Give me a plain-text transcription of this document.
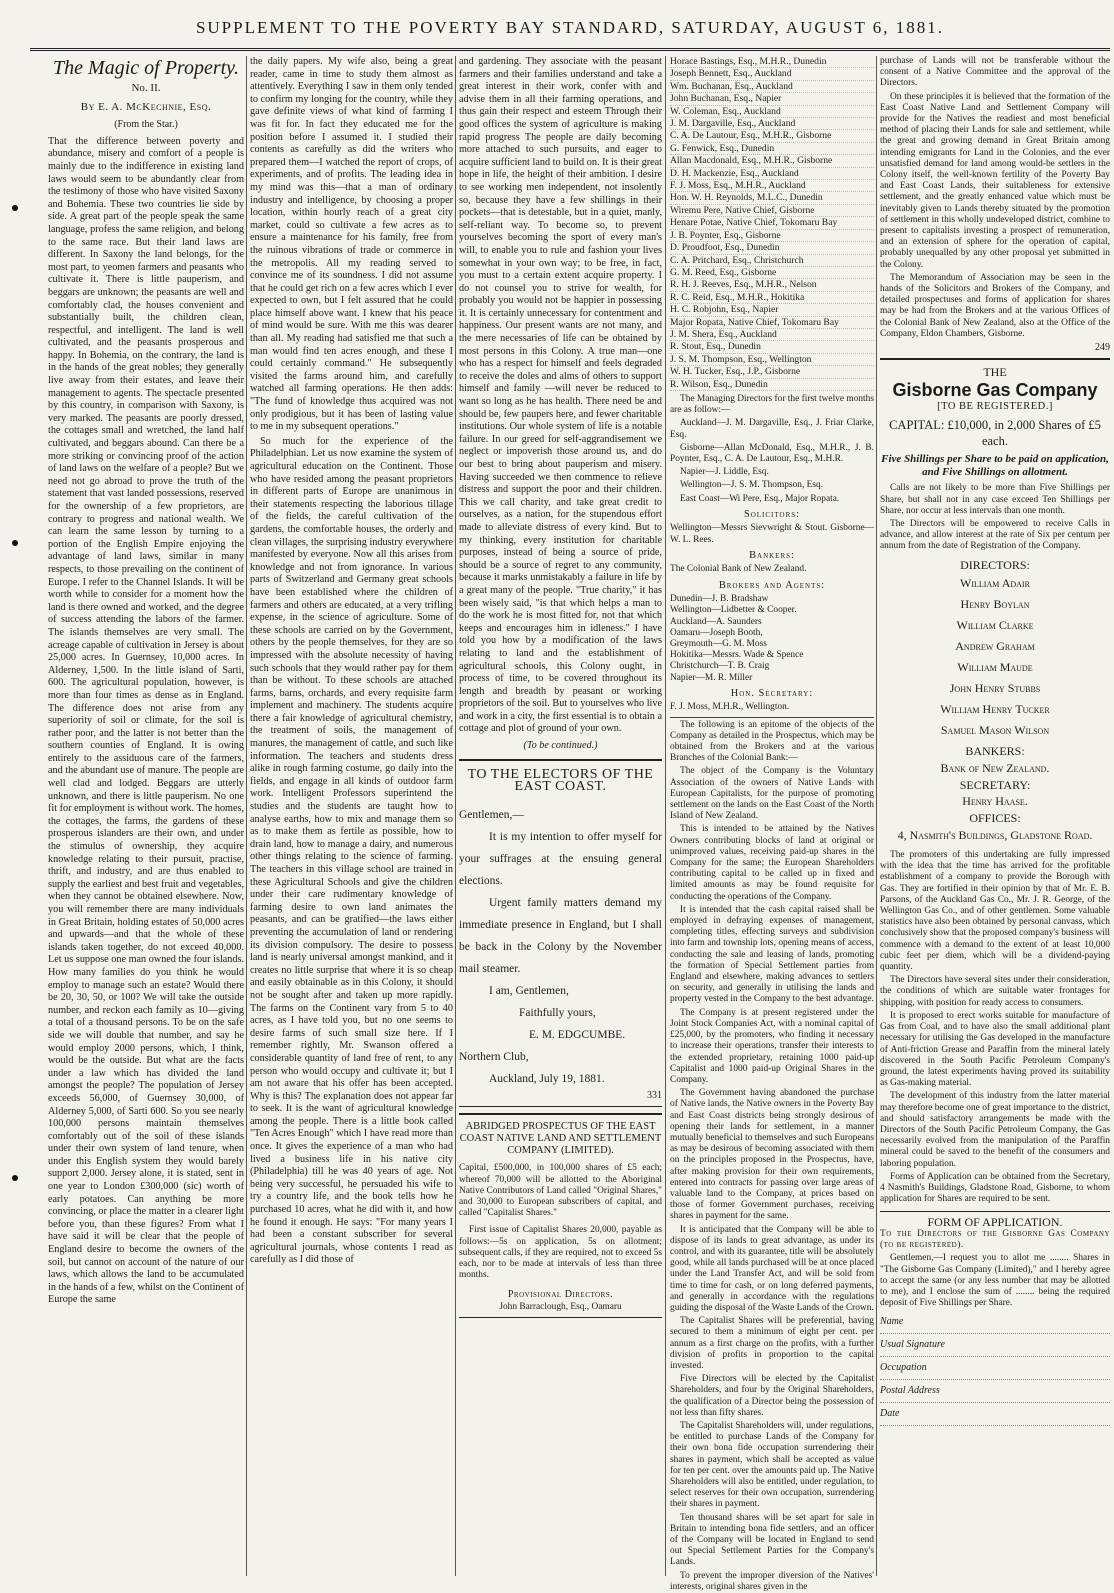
SUPPLEMENT TO THE POVERTY BAY STANDARD, SATURDAY, AUGUST 6, 1881.
The Magic of Property.
No. II.
By E. A. McKechnie, Esq.
(From the Star.)

That the difference between poverty and abundance, misery and comfort of a people is mainly due to the indifference in existing land laws would seem to be abundantly clear from the testimony of those who have visited Saxony and Bohemia. These two countries lie side by side. A great part of the people speak the same language, profess the same religion, and belong to the same race. But their land laws are different. In Saxony the land belongs, for the most part, to yeomen farmers and peasants who cultivate it. There is little pauperism, and beggars are unknown; the peasants are well and comfortably clad, the houses convenient and substantially built, the children clean, respectful, and intelligent. The land is well cultivated, and the peasants prosperous and happy. In Bohemia, on the contrary, the land is in the hands of the great nobles; they generally live away from their estates, and leave their management to agents. The spectacle presented by this country, in comparison with Saxony, is very marked. The peasants are poorly dressed, the cottages small and wretched, the land half cultivated, and beggars abound. Can there be a more striking or convincing proof of the action of land laws on the welfare of a people? But we need not go abroad to prove the truth of the statement that vast landed possessions, reserved for the ownership of a few proprietors, are contrary to progress and national wealth. We can learn the same lesson by turning to a portion of the English Empire enjoying the advantage of land laws, similar in many respects, to those prevailing on the continent of Europe. I refer to the Channel Islands. It will be worth while to consider for a moment how the land is there owned and worked, and the degree of success attending the labors of the farmer. The islands themselves are very small. The acreage capable of cultivation in Jersey is about 25,000 acres. In Guernsey, 10,000 acres. In Alderney, 1,500. In the little island of Sarti, 600. The agricultural population, however, is more than four times as dense as in England. The difference does not arise from any superiority of soil or climate, for the soil is rather poor, and the latter is not better than the southern counties of England. It is owing entirely to the assiduous care of the farmers, and the abundant use of manure. The people are well clad and lodged. Beggars are utterly unknown, and there is little pauperism. No one fit for employment is without work. The homes, the cottages, the farms, the gardens of these prosperous islanders are their own, and under the stimulus of ownership, they acquire knowledge relating to their pursuit, practise, thrift, and industry, and are thus enabled to supply the earliest and best fruit and vegetables, when they cannot be obtained elsewhere. Now, you will remember there are many individuals in Great Britain, holding estates of 50,000 acres and upwards—and that the whole of these islands taken together, do not exceed 40,000. Let us suppose one man owned the four islands. How many families do you think he would employ to manage such an estate? Would there be 20, 30, 50, or 100? We will take the outside number, and reckon each family as 10—giving a total of a thousand persons. To be on the safe side we will double that number, and say he would employ 2000 persons, which, I think, would be the outside. But what are the facts under a law which has divided the land amongst the people? The population of Jersey exceeds 56,000, of Guernsey 30,000, of Alderney 5,000, of Sarti 600. So you see nearly 100,000 persons maintain themselves comfortably out of the soil of these islands under their own system of land tenure, when under this English system they would barely support 2,000. Jersey alone, it is stated, sent in one year to London £300,000 (sic) worth of early potatoes. Can anything be more convincing, or place the matter in a clearer light before you, than these figures? From what I have said it will be clear that the people of England desire to become the owners of the soil, but cannot on account of the nature of our laws, which allows the land to be accumulated in the hands of a few, whilst on the Continent of Europe the same

the daily papers. My wife also, being a great reader, came in time to study them almost as attentively. Everything I saw in them only tended to confirm my longing for the country, while they gave definite views of what kind of farming I was fit for. In fact they educated me for the position before I assumed it. I studied their contents as carefully as did the writers who prepared them—I watched the report of crops, of experiments, and of profits. The leading idea in my mind was this—that a man of ordinary industry and intelligence, by choosing a proper location, within hourly reach of a great city market, could so cultivate a few acres as to ensure a maintenance for his family, free from the ruinous vibrations of trade or commerce in the metropolis. All my reading served to convince me of its soundness. I did not assume that he could get rich on a few acres which I ever expected to own, but I felt assured that he could place himself above want. I knew that his peace of mind would be sure. With me this was dearer than all. My reading had satisfied me that such a man would find ten acres enough, and these I could certainly command." He subsequently visited the farms around him, and carefully watched all farming operations. He then adds: "The fund of knowledge thus acquired was not only prodigious, but it has been of lasting value to me in my subsequent operations."

So much for the experience of the Philadelphian. Let us now examine the system of agricultural education on the Continent. Those who have resided among the peasant proprietors in different parts of Europe are unanimous in their statements respecting the laborious tillage of the fields, the careful cultivation of the gardens, the comfortable houses, the orderly and clean villages, the surprising industry everywhere manifested by everyone. Now all this arises from knowledge and not from ignorance. In various parts of Switzerland and Germany great schools have been established where the children of farmers and others are educated, at a very trifling expense, in the science of agriculture. Some of these schools are carried on by the Government, others by the people themselves, for they are so impressed with the absolute necessity of having such schools that they would rather pay for them than be without. To these schools are attached farms, barns, orchards, and every requisite farm implement and machinery. The students acquire there a fair knowledge of agricultural chemistry, the treatment of soils, the management of manures, the management of cattle, and such like information. The teachers and students dress alike in rough farming costume, go daily into the fields, and engage in all kinds of outdoor farm work. Intelligent Professors superintend the studies and the students are taught how to analyse earths, how to mix and manage them so as to make them as fertile as possible, how to drain land, how to manage a dairy, and numerous other things relating to the science of farming. The teachers in this village school are trained in these Agricultural Schools and give the children under their care rudimentary knowledge of farming desire to own land animates the peasants, and can be gratified—the laws either preventing the accumulation of land or rendering its division compulsory. The desire to possess land is nearly universal amongst mankind, and it creates no little surprise that where it is so cheap and easily obtainable as in this Colony, it should not be sought after and taken up more rapidly. The farms on the Continent vary from 5 to 40 acres, as I have told you, but no one seems to desire farms of such small size here. If I remember rightly, Mr. Swanson offered a considerable quantity of land free of rent, to any person who would occupy and cultivate it; but I am not aware that his offer has been accepted. Why is this? The explanation does not appear far to seek. It is the want of agricultural knowledge among the people. There is a little book called "Ten Acres Enough" which I have read more than once. It gives the experience of a man who had lived a business life in his native city (Philadelphia) till he was 40 years of age. Not being very successful, he persuaded his wife to try a country life, and the book tells how he purchased 10 acres, what he did with it, and how he found it enough. He says: "For many years I had been a constant subscriber for several agricultural journals, whose contents I read as carefully as I did those of

and gardening. They associate with the peasant farmers and their families understand and take a great interest in their work, confer with and advise them in all their farming operations, and thus gain their respect and esteem Through their good offices the system of agriculture is making rapid progress The people are daily becoming more attached to such pursuits, and eager to acquire sufficient land to build on. It is their great hope in life, the height of their ambition. I desire to see working men independent, not insolently so, because they have a few shillings in their pockets—that is detestable, but in a quiet, manly, self-reliant way. To become so, to prevent yourselves becoming the sport of every man's will, to enable you to rule and fashion your lives somewhat in your own way; to be free, in fact, you must to a certain extent acquire property. I do not counsel you to strive for wealth, for probably you would not be happier in possessing it. It is certainly unnecessary for contentment and happiness. Our present wants are not many, and the mere necessaries of life can be obtained by most persons in this Colony. A true man—one who has a respect for himself and feels degraded to receive the doles and alms of others to support himself and family —will never be reduced to want so long as he has health. There need be and should be, few paupers here, and fewer charitable institutions. Our whole system of life is a notable failure. In our greed for self-aggrandisement we neglect or impoverish those around us, and do our best to bring about pauperism and misery. Having succeeded we then commence to relieve distress and support the poor and their children. This we call charity, and take great credit to ourselves, as a nation, for the stupendous effort made to alleviate distress of every kind. But to my thinking, every institution for charitable purposes, instead of being a source of pride, should be a source of regret to any community, because it marks unmistakably a failure in life by a great many of the people. "True charity," it has been wisely said, "is that which helps a man to do the work he is most fitted for, not that which keeps and encourages him in idleness." I have told you how by a modification of the laws relating to land and the establishment of agricultural schools, this Colony ought, in process of time, to be covered throughout its length and breadth by peasant or working proprietors of the soil. But to yourselves who live and work in a city, the first essential is to obtain a cottage and plot of ground of your own.

(To be continued.)
TO THE ELECTORS OF THE EAST COAST.

Gentlemen,—

It is my intention to offer myself for your suffrages at the ensuing general elections.

Urgent family matters demand my immediate presence in England, but I shall be back in the Colony by the November mail steamer.

I am, Gentlemen,

Faithfully yours,

E. M. EDGCUMBE.

Northern Club,

Auckland, July 19, 1881.

331
ABRIDGED PROSPECTUS OF THE EAST COAST NATIVE LAND AND SETTLEMENT COMPANY (LIMITED).

Capital, £500,000, in 100,000 shares of £5 each; whereof 70,000 will be allotted to the Aboriginal Native Contributors of Land called "Original Shares," and 30,000 to European subscribers of capital, and called "Capitalist Shares."

First issue of Capitalist Shares 20,000, payable as follows:—5s on application, 5s on allotment; subsequent calls, if they are required, not to exceed 5s each, nor to be made at intervals of less than three months.

Provisional Directors.
John Barraclough, Esq., Oamaru
Horace Bastings, Esq., M.H.R., Dunedin
Joseph Bennett, Esq., Auckland
Wm. Buchanan, Esq., Auckland
John Buchanan, Esq., Napier
W. Coleman, Esq., Auckland
J. M. Dargaville, Esq., Auckland
C. A. De Lautour, Esq., M.H.R., Gisborne
G. Fenwick, Esq., Dunedin
Allan Macdonald, Esq., M.H.R., Gisborne
D. H. Mackenzie, Esq., Auckland
F. J. Moss, Esq., M.H.R., Auckland
Hon. W. H. Reynolds, M.L.C., Dunedin
Wiremu Pere, Native Chief, Gisborne
Henare Potae, Native Chief, Tokomaru Bay
J. B. Poynter, Esq., Gisborne
D. Proudfoot, Esq., Dunedin
C. A. Pritchard, Esq., Christchurch
G. M. Reed, Esq., Gisborne
R. H. J. Reeves, Esq., M.H.R., Nelson
R. C. Reid, Esq., M.H.R., Hokitika
H. C. Robjohn, Esq., Napier
Major Ropata, Native Chief, Tokomaru Bay
J. M. Shera, Esq., Auckland
R. Stout, Esq., Dunedin
J. S. M. Thompson, Esq., Wellington
W. H. Tucker, Esq., J.P., Gisborne
R. Wilson, Esq., Dunedin

The Managing Directors for the first twelve months are as follow:—

Auckland—J. M. Dargaville, Esq., J. Friar Clarke, Esq.

Gisborne—Allan McDonald, Esq., M.H.R., J. B. Poynter, Esq., C. A. De Lautour, Esq., M.H.R.

Napier—J. Liddle, Esq.

Wellington—J. S. M. Thompson, Esq.

East Coast—Wi Pere, Esq., Major Ropata.

Solicitors:

Wellington—Messrs Sievwright & Stout. Gisborne—W. L. Rees.

Bankers:

The Colonial Bank of New Zealand.

Brokers and Agents:
Dunedin—J. B. Bradshaw
Wellington—Lidbetter & Cooper.
Auckland—A. Saunders
Oamaru—Joseph Booth,
Greymouth—G. M. Moss
Hokitika—Messrs. Wade & Spence
Christchurch—T. B. Craig
Napier—M. R. Miller
Hon. Secretary:

F. J. Moss, M.H.R., Wellington.

The following is an epitome of the objects of the Company as detailed in the Prospectus, which may be obtained from the Brokers and at the various Branches of the Colonial Bank:—

The object of the Company is the Voluntary Association of the owners of Native Lands with European Capitalists, for the purpose of promoting settlement on the lands on the East Coast of the North Island of New Zealand.

This is intended to be attained by the Natives Owners contributing blocks of land at original or unimproved values, receiving paid-up shares in the Company for the same; the European Shareholders contributing capital to be called up in fixed and limited amounts as may be found requisite for conducting the operations of the Company.

It is intended that the cash capital raised shall be employed in defraying expenses of management, completing titles, effecting surveys and subdivision into farm and township lots, opening means of access, conducting the sale and leasing of lands, promoting the formation of Special Settlement parties from England and elsewhere, making advances to settlers on security, and generally in utilising the lands and property vested in the Company to the best advantage.

The Company is at present registered under the Joint Stock Companies Act, with a nominal capital of £25,000, by the promoters, who finding it necessary to increase their operations, transfer their interests to the extended proprietary, retaining 1000 paid-up Capitalist and 1000 paid-up Original Shares in the Company.

The Government having abandoned the purchase of Native lands, the Native owners in the Poverty Bay and East Coast districts being strongly desirous of opening their lands for settlement, in a manner mutually beneficial to themselves and such Europeans as may be desirous of becoming associated with them on the principles proposed in the Prospectus, have, after making provision for their own requirements, entered into contracts for passing over large areas of valuable land to the Company, at prices based on those of former Government purchases, receiving shares in payment for the same.

It is anticipated that the Company will be able to dispose of its lands to great advantage, as under its control, and with its guarantee, title will be absolutely good, while all lands purchased will be at once placed under the Land Transfer Act, and will be sold from time to time for cash, or on long deferred payments, and generally in accordance with the regulations guiding the disposal of the Waste Lands of the Crown.

The Capitalist Shares will be preferential, having secured to them a minimum of eight per cent. per annum as a first charge on the profits, with a further division of profits in proportion to the capital invested.

Five Directors will be elected by the Capitalist Shareholders, and four by the Original Shareholders, the qualification of a Director being the possession of not less than fifty shares.

The Capitalist Shareholders will, under regulations, be entitled to purchase Lands of the Company for their own bona fide occupation surrendering their shares in payment, which shall be accepted as value for ten per cent. over the amounts paid up. The Native Shareholders will also be entitled, under regulation, to select reserves for their own occupation, surrendering their shares in payment.

Ten thousand shares will be set apart for sale in Britain to intending bona fide settlers, and an officer of the Company will be located in England to send out Special Settlement Parties for the Company's Lands.

To prevent the improper diversion of the Natives' interests, original shares given in the

purchase of Lands will not be transferable without the consent of a Native Committee and the approval of the Directors.

On these principles it is believed that the formation of the East Coast Native Land and Settlement Company will provide for the Natives the readiest and most beneficial method of placing their Lands for sale and settlement, while the great and growing demand in Great Britain among intending emigrants for Land in the Colonies, and the ever unsatisfied demand for land among would-be settlers in the Colony itself, the well-known fertility of the Poverty Bay and East Coast Lands, their suitableness for extensive settlement, and the greatly enhanced value which must be inevitably given to Lands thereby situated by the promotion of settlement in this wholly undeveloped district, combine to present to capitalists investing a prospect of remuneration, and an extension of sphere for the operation of capital, probably unequalled by any other proposal yet submitted in the Colony.

The Memorandum of Association may be seen in the hands of the Solicitors and Brokers of the Company, and detailed prospectuses and forms of application for shares may be had from the Brokers and at the various Offices of the Colonial Bank of New Zealand, also at the Office of the Company, Eldon Chambers, Gisborne.

249
THE
Gisborne Gas Company
[TO BE REGISTERED.]
CAPITAL: £10,000, in 2,000 Shares of £5 each.
Five Shillings per Share to be paid on application, and Five Shillings on allotment.

Calls are not likely to be more than Five Shillings per Share, but shall not in any case exceed Ten Shillings per Share, nor occur at less intervals than one month.

The Directors will be empowered to receive Calls in advance, and allow interest at the rate of Six per centum per annum from the date of Registration of the Company.

DIRECTORS:
William Adair
Henry Boylan
William Clarke
Andrew Graham
William Maude
John Henry Stubbs
William Henry Tucker
Samuel Mason Wilson
BANKERS:
Bank of New Zealand.
SECRETARY:
Henry Haase.
OFFICES:
4, Nasmith's Buildings, Gladstone Road.

The promoters of this undertaking are fully impressed with the idea that the time has arrived for the profitable establishment of a company to provide the Borough with Gas. They are fortified in their opinion by that of Mr. E. B. Parsons, of the Auckland Gas Co., Mr. J. R. George, of the Wellington Gas Co., and of other gentlemen. Some valuable statistics have also been obtained by personal canvass, which conclusively show that the proposed company's business will commence with a demand to the extent of at least 10,000 cubic feet per diem, which will be a dividend-paying quantity.

The Directors have several sites under their consideration, the conditions of which are suitable water frontages for shipping, with position for ready access to consumers.

It is proposed to erect works suitable for manufacture of Gas from Coal, and to have also the small additional plant necessary for utilising the Gas developed in the manufacture of Anti-friction Grease and Paraffin from the mineral lately discovered in the South Pacific Petroleum Company's ground, the latest experiments having proved its suitability as Gas-making material.

The development of this industry from the latter material may therefore become one of great importance to the district, and should satisfactory arrangements be made with the Directors of the South Pacific Petroleum Company, the Gas necessarily evolved from the manipulation of the Paraffin mineral could be saved to the benefit of the consumers and laboring population.

Forms of Application can be obtained from the Secretary, 4 Nasmith's Buildings, Gladstone Road, Gisborne, to whom application for Shares are required to be sent.

FORM OF APPLICATION.

To the Directors of the Gisborne Gas Company (to be registered).

Gentlemen,—I request you to allot me ........ Shares in "The Gisborne Gas Company (Limited)," and I hereby agree to accept the same (or any less number that may be allotted to me), and I enclose the sum of ........ being the required deposit of Five Shillings per Share.

Name
Usual Signature
Occupation
Postal Address
Date
